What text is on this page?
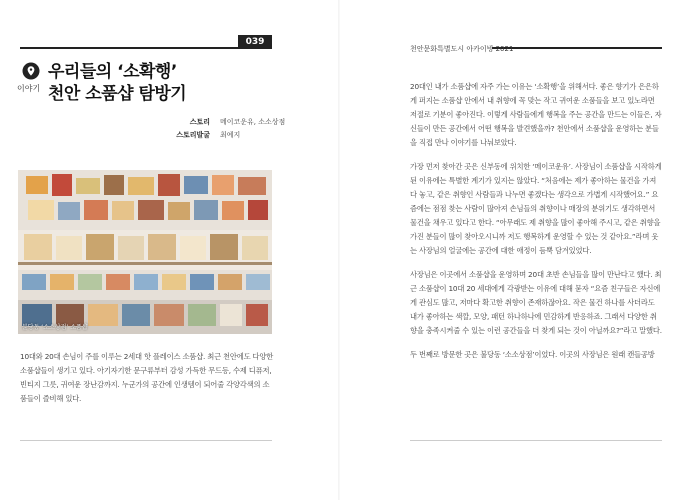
039
이야기
우리들의 ‘소확행’
천안 소품샵 탐방기
스토리	메이코운유, 소소상점
스토리발굴	최예지
불당동 ‘소소상점’ 소품샵
10대와 20대 손님이 주를 이루는 2세대 핫 플레이스 소품샵. 최근 천안에도 다양한 소품샵들이 생기고 있다. 아기자기한 문구류부터 감성 가득한 무드등, 수제 디퓨저, 빈티지 그릇, 귀여운 장난감까지. 누군가의 공간에 인생템이 되어줄 각양각색의 소품들이 즐비해 있다.
천안문화특별도시 아카이빙 2021

20대인 내가 소품샵에 자주 가는 이유는 ‘소확행’을 위해서다. 좋은 향기가 은은하게 퍼지는 소품샵 안에서 내 취향에 꼭 맞는 작고 귀여운 소품들을 보고 있노라면 저절로 기분이 좋아진다. 이렇게 사람들에게 행복을 주는 공간을 만드는 이들은, 자신들이 만든 공간에서 어떤 행복을 발견했을까? 천안에서 소품샵을 운영하는 분들을 직접 만나 이야기를 나눠보았다.

가장 먼저 찾아간 곳은 신부동에 위치한 ‘메이코운유’. 사장님이 소품샵을 시작하게 된 이유에는 특별한 계기가 있지는 않았다. “처음에는 제가 좋아하는 물건을 가져다 놓고, 같은 취향인 사람들과 나누면 좋겠다는 생각으로 가볍게 시작했어요.” 요즘에는 점점 찾는 사람이 많아져 손님들의 취향이나 매장의 분위기도 생각하면서 물건을 채우고 있다고 한다. “아무래도 제 취향을 많이 좋아해 주시고, 같은 취향을 가진 분들이 많이 찾아오시니까 저도 행복하게 운영할 수 있는 것 같아요.”라며 웃는 사장님의 얼굴에는 공간에 대한 애정이 듬뿍 담겨있었다.

사장님은 이곳에서 소품샵을 운영하며 20대 초반 손님들을 많이 만난다고 했다. 최근 소품샵이 10대 20 세대에게 각광받는 이유에 대해 묻자 “요즘 친구들은 자신에게 관심도 많고, 저마다 확고한 취향이 존재하잖아요. 작은 물건 하나를 사더라도 내가 좋아하는 색깔, 모양, 패턴 하나하나에 민감하게 반응하죠. 그래서 다양한 취향을 충족시켜줄 수 있는 이런 공간들을 더 찾게 되는 것이 아닐까요?”라고 말했다.

두 번째로 방문한 곳은 불당동 ‘소소상점’이었다. 이곳의 사장님은 원래 캔들공방
